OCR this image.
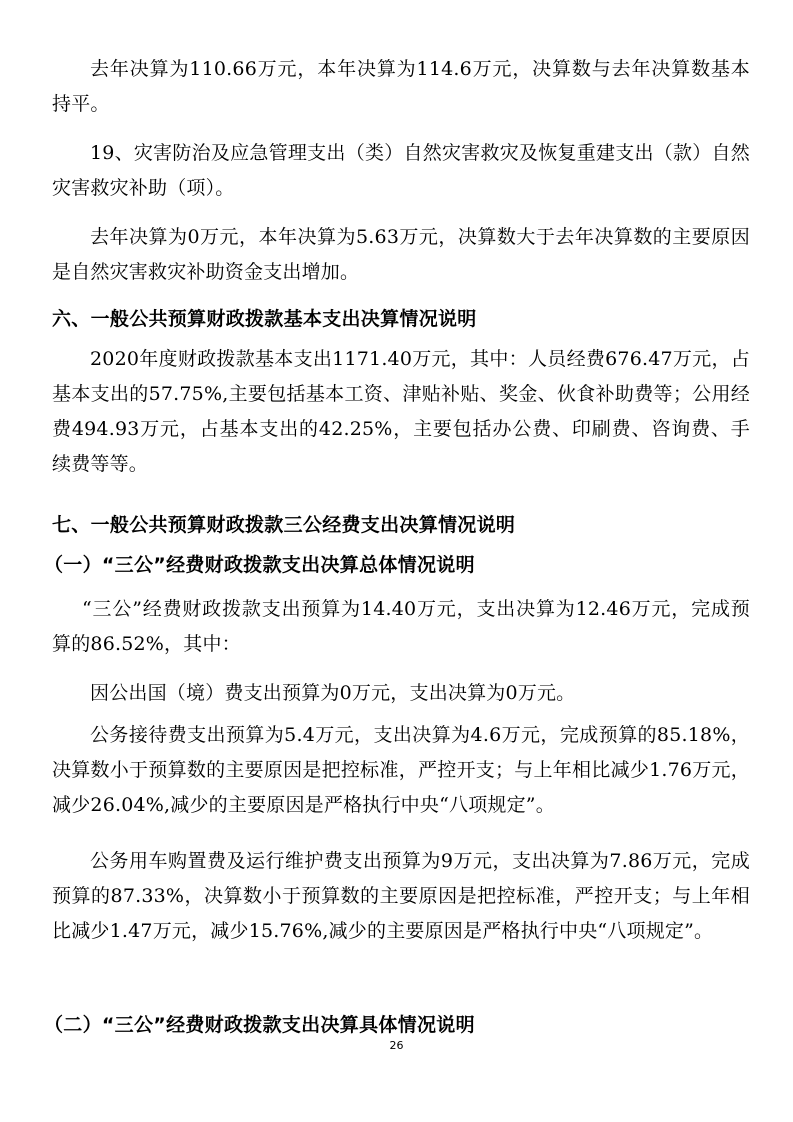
去年决算为110.66万元，本年决算为114.6万元，决算数与去年决算数基本持平。

19、灾害防治及应急管理支出（类）自然灾害救灾及恢复重建支出（款）自然灾害救灾补助（项）。

去年决算为0万元，本年决算为5.63万元，决算数大于去年决算数的主要原因是自然灾害救灾补助资金支出增加。

六、一般公共预算财政拨款基本支出决算情况说明

2020年度财政拨款基本支出1171.40万元，其中：人员经费676.47万元，占基本支出的57.75%,主要包括基本工资、津贴补贴、奖金、伙食补助费等；公用经费494.93万元，占基本支出的42.25%，主要包括办公费、印刷费、咨询费、手续费等等。

七、一般公共预算财政拨款三公经费支出决算情况说明
（一）“三公”经费财政拨款支出决算总体情况说明

“三公”经费财政拨款支出预算为14.40万元，支出决算为12.46万元，完成预算的86.52%，其中：

因公出国（境）费支出预算为0万元，支出决算为0万元。

公务接待费支出预算为5.4万元，支出决算为4.6万元，完成预算的85.18%，决算数小于预算数的主要原因是把控标准，严控开支；与上年相比减少1.76万元，减少26.04%,减少的主要原因是严格执行中央“八项规定”。

公务用车购置费及运行维护费支出预算为9万元，支出决算为7.86万元，完成预算的87.33%，决算数小于预算数的主要原因是把控标准，严控开支；与上年相比减少1.47万元，减少15.76%,减少的主要原因是严格执行中央“八项规定”。

（二）“三公”经费财政拨款支出决算具体情况说明
26
